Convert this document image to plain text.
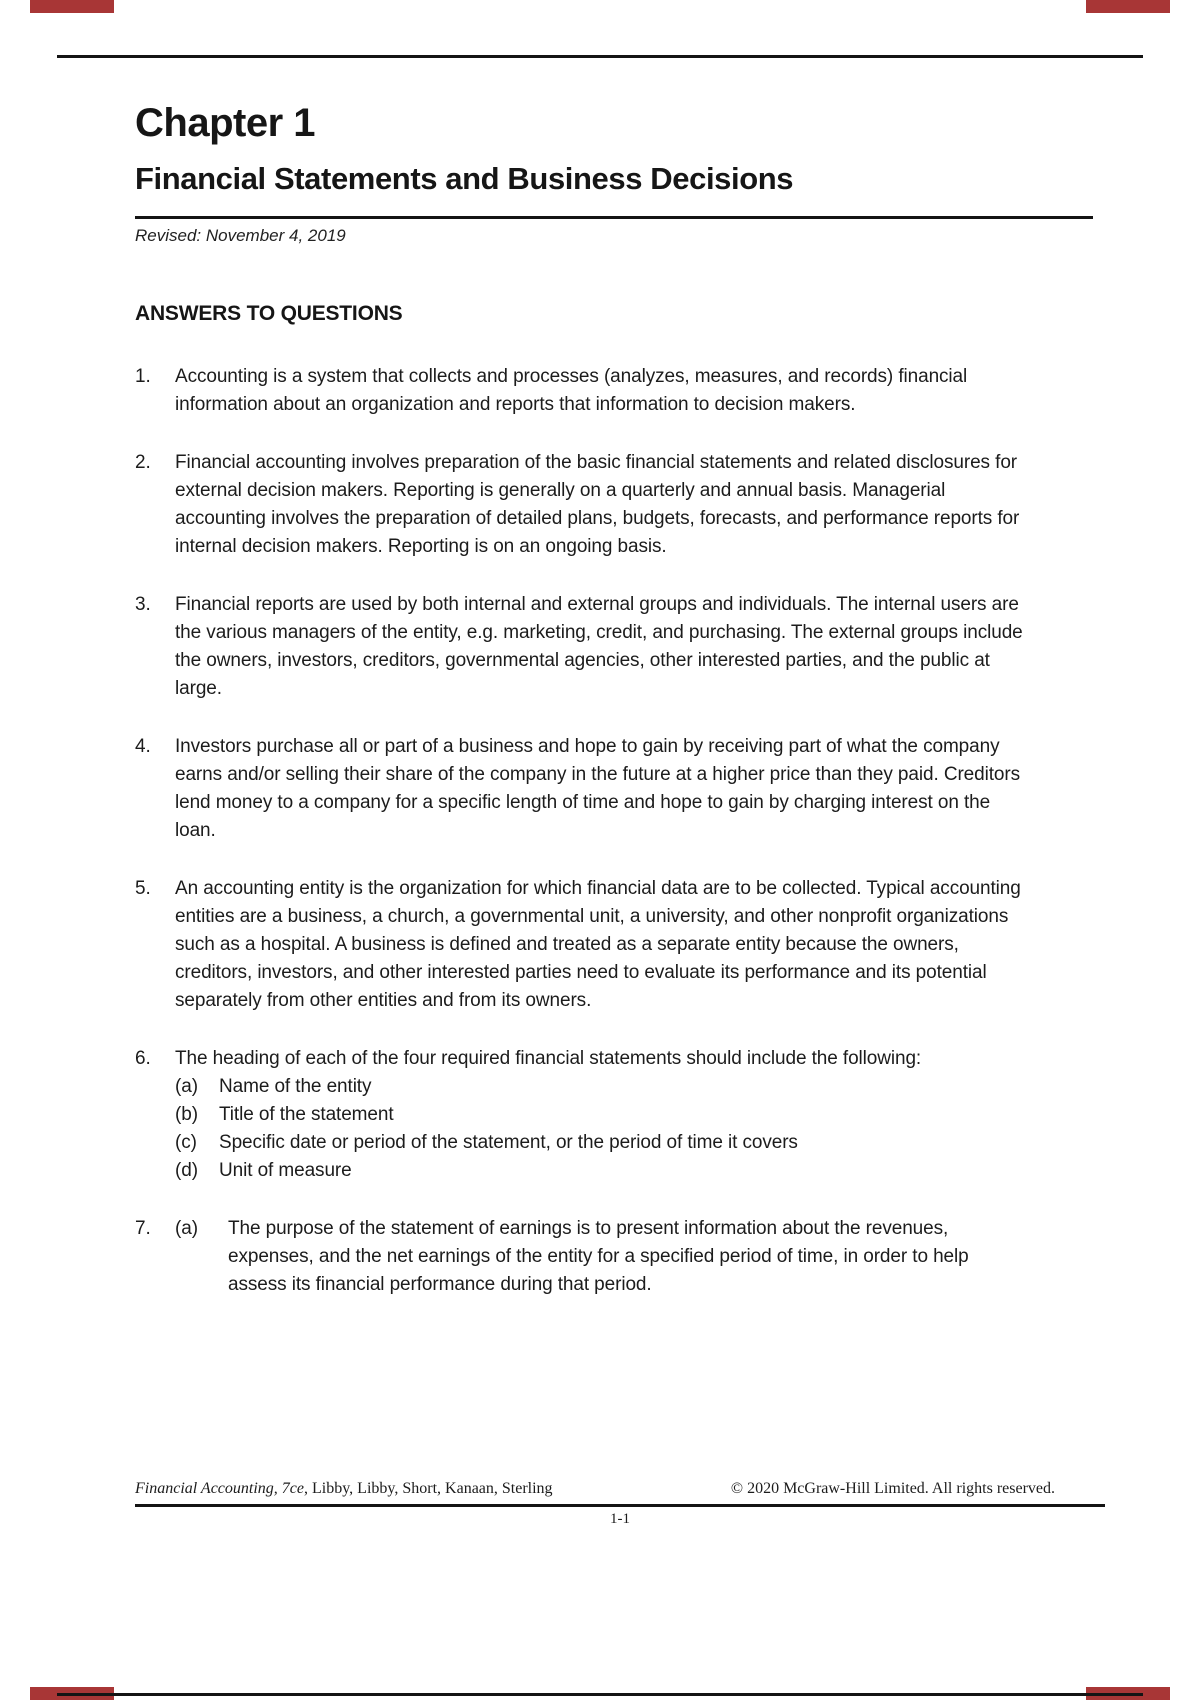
Chapter 1
Financial Statements and Business Decisions
Revised: November 4, 2019
ANSWERS TO QUESTIONS
1.	Accounting is a system that collects and processes (analyzes, measures, and records) financial information about an organization and reports that information to decision makers.
2.	Financial accounting involves preparation of the basic financial statements and related disclosures for external decision makers. Reporting is generally on a quarterly and annual basis. Managerial accounting involves the preparation of detailed plans, budgets, forecasts, and performance reports for internal decision makers. Reporting is on an ongoing basis.
3.	Financial reports are used by both internal and external groups and individuals. The internal users are the various managers of the entity, e.g. marketing, credit, and purchasing. The external groups include the owners, investors, creditors, governmental agencies, other interested parties, and the public at large.
4.	Investors purchase all or part of a business and hope to gain by receiving part of what the company earns and/or selling their share of the company in the future at a higher price than they paid. Creditors lend money to a company for a specific length of time and hope to gain by charging interest on the loan.
5.	An accounting entity is the organization for which financial data are to be collected. Typical accounting entities are a business, a church, a governmental unit, a university, and other nonprofit organizations such as a hospital. A business is defined and treated as a separate entity because the owners, creditors, investors, and other interested parties need to evaluate its performance and its potential separately from other entities and from its owners.
6.	The heading of each of the four required financial statements should include the following:
(a)	Name of the entity
(b)	Title of the statement
(c)	Specific date or period of the statement, or the period of time it covers
(d)	Unit of measure
7.	(a)	The purpose of the statement of earnings is to present information about the revenues, expenses, and the net earnings of the entity for a specified period of time, in order to help assess its financial performance during that period.
Financial Accounting, 7ce, Libby, Libby, Short, Kanaan, Sterling	© 2020 McGraw-Hill Limited. All rights reserved.
1-1
